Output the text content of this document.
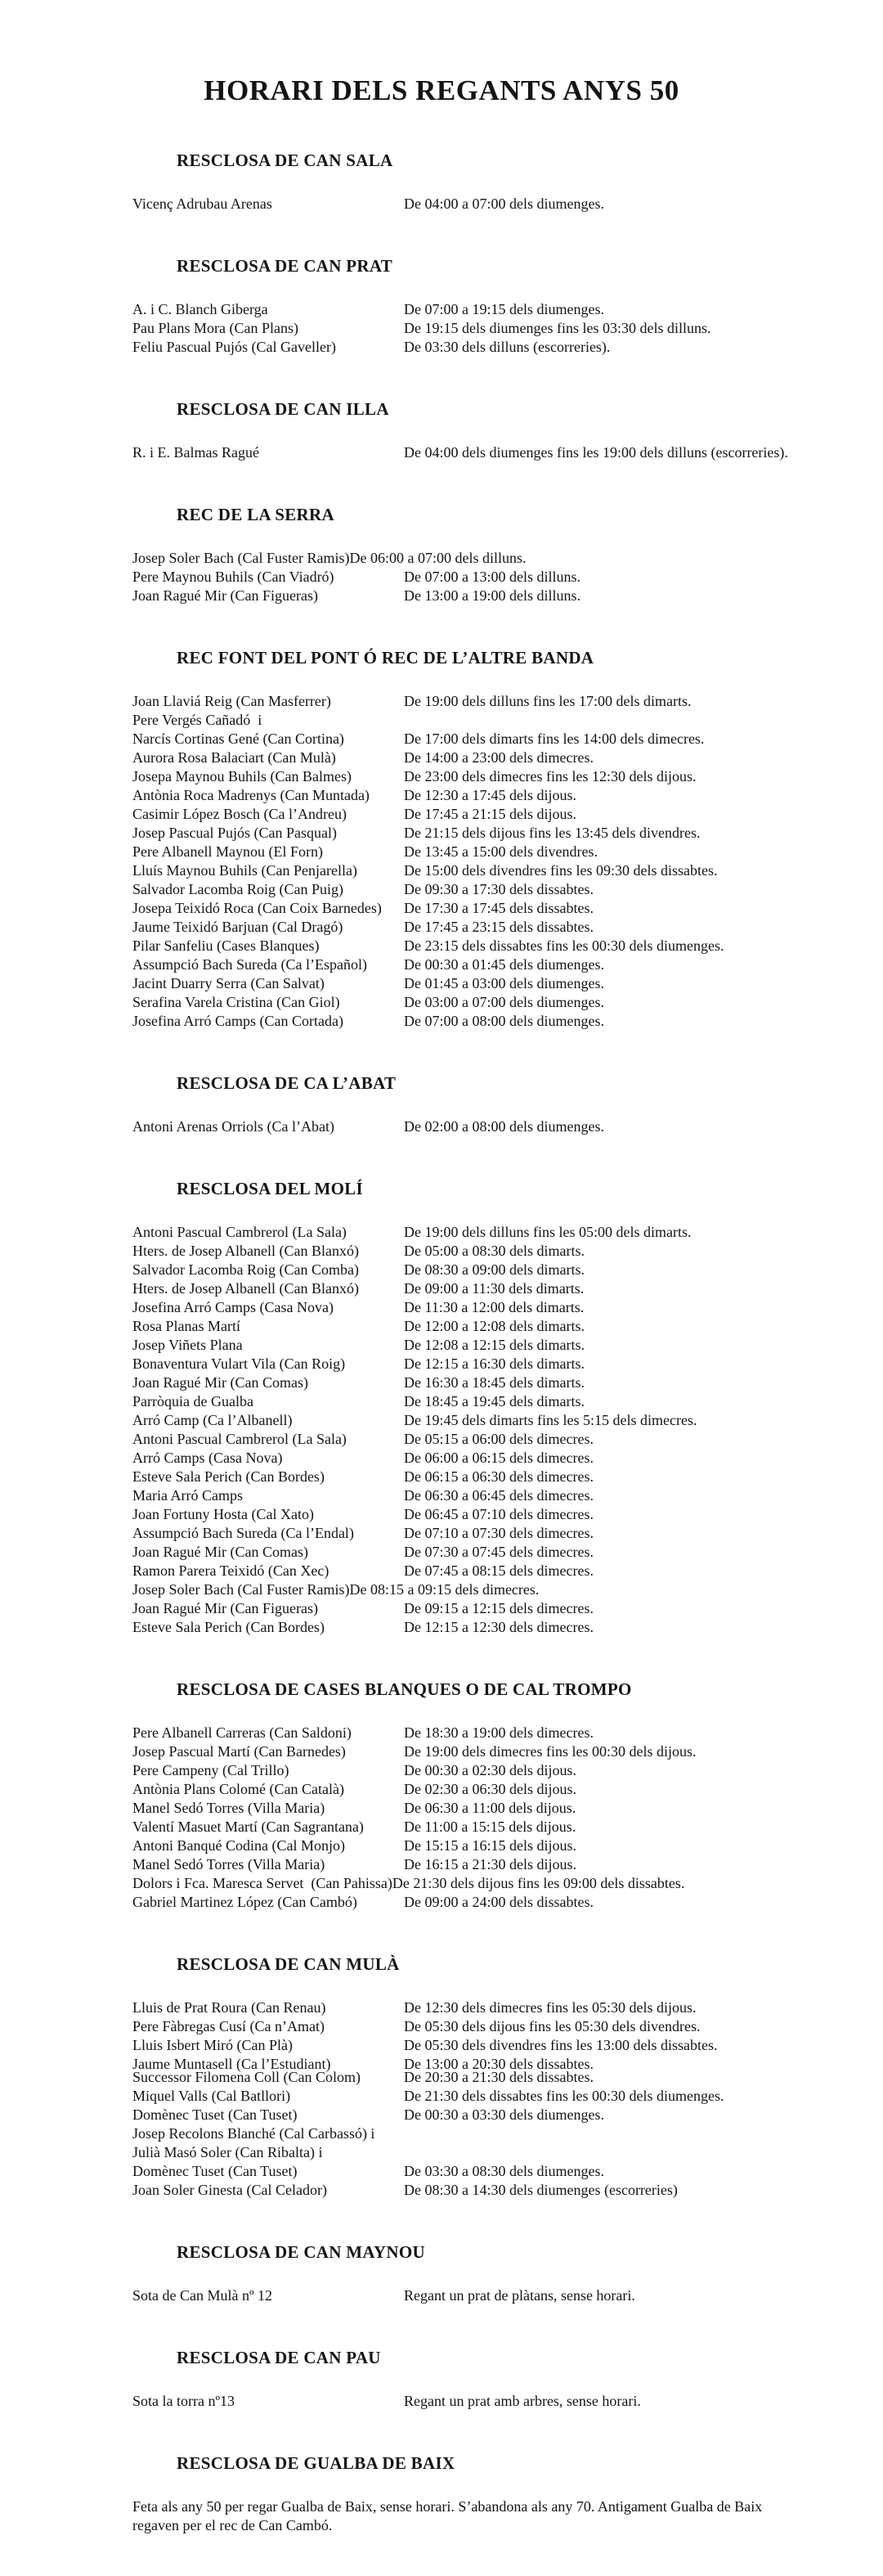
HORARI DELS REGANTS ANYS 50
RESCLOSA DE CAN SALA
Vicenç Adrubau Arenas	De 04:00 a 07:00 dels diumenges.
RESCLOSA DE CAN PRAT
A. i C. Blanch Giberga	De 07:00 a 19:15 dels diumenges.
Pau Plans Mora (Can Plans)	De 19:15 dels diumenges fins les 03:30 dels dilluns.
Feliu Pascual Pujós (Cal Gaveller)	De 03:30 dels dilluns (escorreries).
RESCLOSA DE CAN ILLA
R. i E. Balmas Ragué	De 04:00 dels diumenges fins les 19:00 dels dilluns (escorreries).
REC DE LA SERRA
Josep Soler Bach (Cal Fuster Ramis)De 06:00 a 07:00 dels dilluns.
Pere Maynou Buhils (Can Viadró)	De 07:00 a 13:00 dels dilluns.
Joan Ragué Mir (Can Figueras)	De 13:00 a 19:00 dels dilluns.
REC FONT DEL PONT Ó REC DE L’ALTRE BANDA
Joan Llaviá Reig (Can Masferrer)	De 19:00 dels dilluns fins les 17:00 dels dimarts.
Pere Vergés Cañadó  i
Narcís Cortinas Gené (Can Cortina)	De 17:00 dels dimarts fins les 14:00 dels dimecres.
Aurora Rosa Balaciart (Can Mulà)	De 14:00 a 23:00 dels dimecres.
Josepa Maynou Buhils (Can Balmes)	De 23:00 dels dimecres fins les 12:30 dels dijous.
Antònia Roca Madrenys (Can Muntada)	De 12:30 a 17:45 dels dijous.
Casimir López Bosch (Ca l’Andreu)	De 17:45 a 21:15 dels dijous.
Josep Pascual Pujós (Can Pasqual)	De 21:15 dels dijous fins les 13:45 dels divendres.
Pere Albanell Maynou (El Forn)	De 13:45 a 15:00 dels divendres.
Lluís Maynou Buhils (Can Penjarella)	De 15:00 dels divendres fins les 09:30 dels dissabtes.
Salvador Lacomba Roig (Can Puig)	De 09:30 a 17:30 dels dissabtes.
Josepa Teixidó Roca (Can Coix Barnedes)	De 17:30 a 17:45 dels dissabtes.
Jaume Teixidó Barjuan (Cal Dragó)	De 17:45 a 23:15 dels dissabtes.
Pilar Sanfeliu (Cases Blanques)	De 23:15 dels dissabtes fins les 00:30 dels diumenges.
Assumpció Bach Sureda (Ca l’Español)	De 00:30 a 01:45 dels diumenges.
Jacint Duarry Serra (Can Salvat)	De 01:45 a 03:00 dels diumenges.
Serafina Varela Cristina (Can Giol)	De 03:00 a 07:00 dels diumenges.
Josefina Arró Camps (Can Cortada)	De 07:00 a 08:00 dels diumenges.
RESCLOSA DE CA L’ABAT
Antoni Arenas Orriols (Ca l’Abat)	De 02:00 a 08:00 dels diumenges.
RESCLOSA DEL MOLÍ
Antoni Pascual Cambrerol (La Sala)	De 19:00 dels dilluns fins les 05:00 dels dimarts.
Hters. de Josep Albanell (Can Blanxó)	De 05:00 a 08:30 dels dimarts.
Salvador Lacomba Roig (Can Comba)	De 08:30 a 09:00 dels dimarts.
Hters. de Josep Albanell (Can Blanxó)	De 09:00 a 11:30 dels dimarts.
Josefina Arró Camps (Casa Nova)	De 11:30 a 12:00 dels dimarts.
Rosa Planas Martí	De 12:00 a 12:08 dels dimarts.
Josep Viñets Plana	De 12:08 a 12:15 dels dimarts.
Bonaventura Vulart Vila (Can Roig)	De 12:15 a 16:30 dels dimarts.
Joan Ragué Mir (Can Comas)	De 16:30 a 18:45 dels dimarts.
Parròquia de Gualba	De 18:45 a 19:45 dels dimarts.
Arró Camp (Ca l’Albanell)	De 19:45 dels dimarts fins les 5:15 dels dimecres.
Antoni Pascual Cambrerol (La Sala)	De 05:15 a 06:00 dels dimecres.
Arró Camps (Casa Nova)	De 06:00 a 06:15 dels dimecres.
Esteve Sala Perich (Can Bordes)	De 06:15 a 06:30 dels dimecres.
Maria Arró Camps	De 06:30 a 06:45 dels dimecres.
Joan Fortuny Hosta (Cal Xato)	De 06:45 a 07:10 dels dimecres.
Assumpció Bach Sureda (Ca l’Endal)	De 07:10 a 07:30 dels dimecres.
Joan Ragué Mir (Can Comas)	De 07:30 a 07:45 dels dimecres.
Ramon Parera Teixidó (Can Xec)	De 07:45 a 08:15 dels dimecres.
Josep Soler Bach (Cal Fuster Ramis)De 08:15 a 09:15 dels dimecres.
Joan Ragué Mir (Can Figueras)	De 09:15 a 12:15 dels dimecres.
Esteve Sala Perich (Can Bordes)	De 12:15 a 12:30 dels dimecres.
RESCLOSA DE CASES BLANQUES O DE CAL TROMPO
Pere Albanell Carreras (Can Saldoni)	De 18:30 a 19:00 dels dimecres.
Josep Pascual Martí (Can Barnedes)	De 19:00 dels dimecres fins les 00:30 dels dijous.
Pere Campeny (Cal Trillo)	De 00:30 a 02:30 dels dijous.
Antònia Plans Colomé (Can Català)	De 02:30 a 06:30 dels dijous.
Manel Sedó Torres (Villa Maria)	De 06:30 a 11:00 dels dijous.
Valentí Masuet Martí (Can Sagrantana)	De 11:00 a 15:15 dels dijous.
Antoni Banqué Codina (Cal Monjo)	De 15:15 a 16:15 dels dijous.
Manel Sedó Torres (Villa Maria)	De 16:15 a 21:30 dels dijous.
Dolors i Fca. Maresca Servet  (Can Pahissa)De 21:30 dels dijous fins les 09:00 dels dissabtes.
Gabriel Martinez López (Can Cambó)	De 09:00 a 24:00 dels dissabtes.
RESCLOSA DE CAN MULÀ
Lluis de Prat Roura (Can Renau)	De 12:30 dels dimecres fins les 05:30 dels dijous.
Pere Fàbregas Cusí (Ca n’Amat)	De 05:30 dels dijous fins les 05:30 dels divendres.
Lluis Isbert Miró (Can Plà)	De 05:30 dels divendres fins les 13:00 dels dissabtes.
Jaume Muntasell (Ca l’Estudiant)	De 13:00 a 20:30 dels dissabtes.
Successor Filomena Coll (Can Colom)	De 20:30 a 21:30 dels dissabtes.
Miquel Valls (Cal Batllori)	De 21:30 dels dissabtes fins les 00:30 dels diumenges.
Domènec Tuset (Can Tuset)	De 00:30 a 03:30 dels diumenges.
Josep Recolons Blanché (Cal Carbassó) i
Julià Masó Soler (Can Ribalta) i
Domènec Tuset (Can Tuset)	De 03:30 a 08:30 dels diumenges.
Joan Soler Ginesta (Cal Celador)	De 08:30 a 14:30 dels diumenges (escorreries)
RESCLOSA DE CAN MAYNOU
Sota de Can Mulà nº 12	Regant un prat de plàtans, sense horari.
RESCLOSA DE CAN PAU
Sota la torra nº13	Regant un prat amb arbres, sense horari.
RESCLOSA DE GUALBA DE BAIX

Feta als any 50 per regar Gualba de Baix, sense horari. S’abandona als any 70. Antigament Gualba de Baix regaven per el rec de Can Cambó.
